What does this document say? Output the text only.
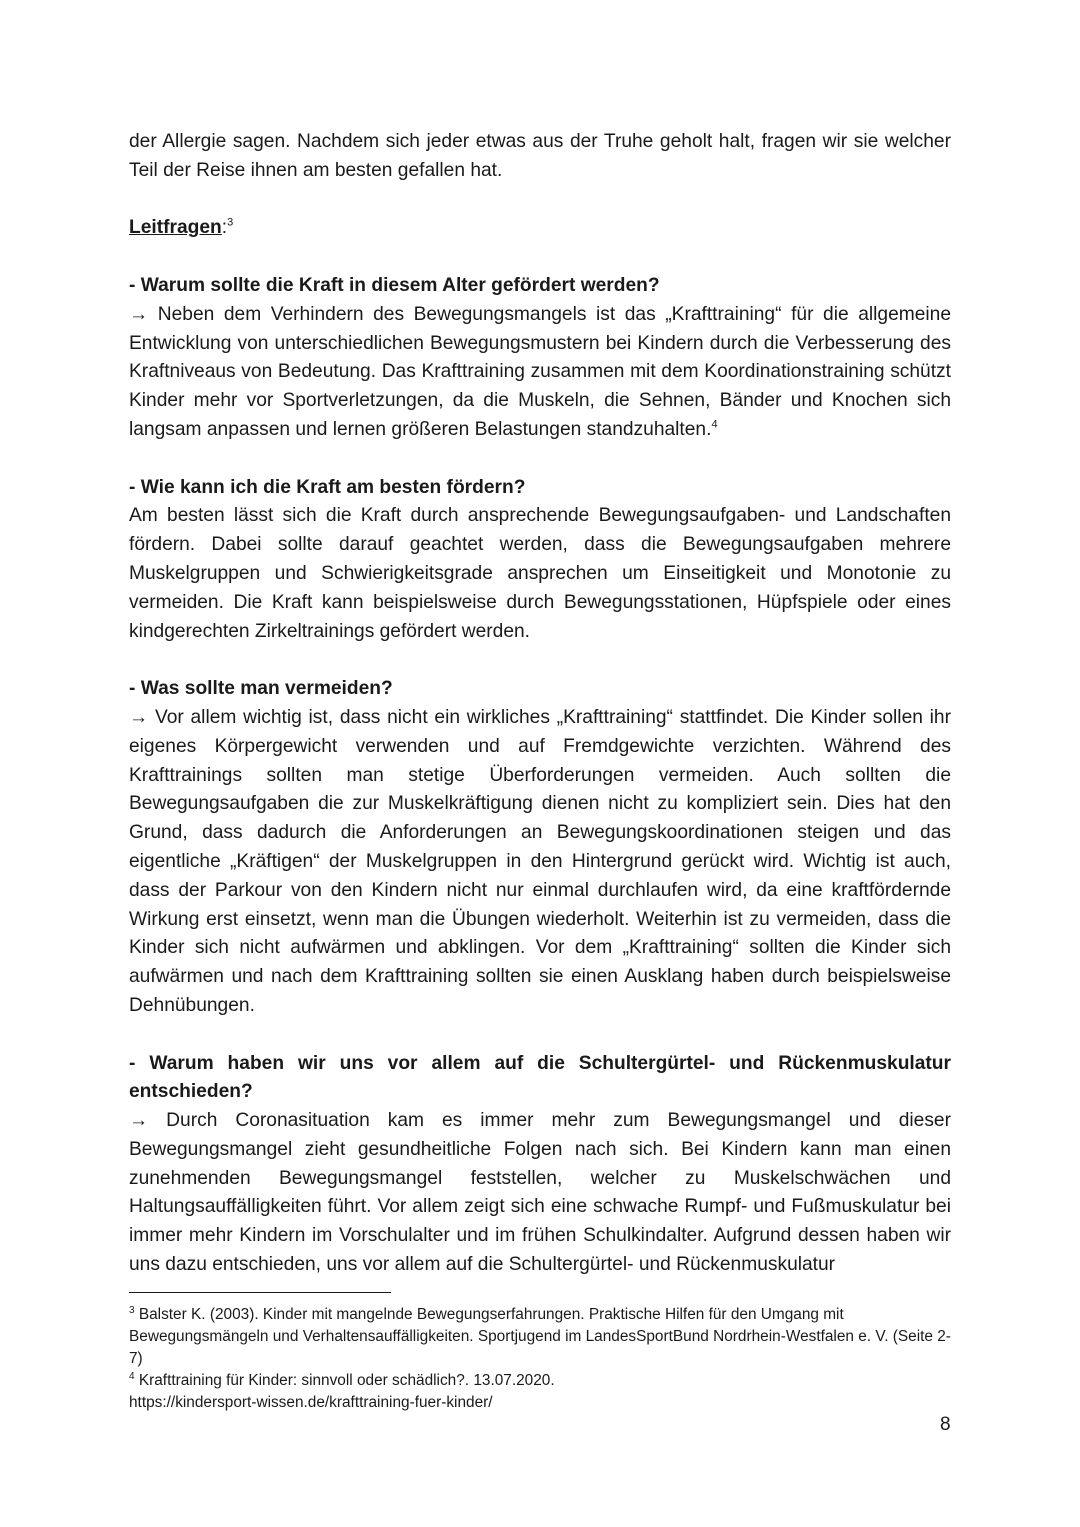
der Allergie sagen. Nachdem sich jeder etwas aus der Truhe geholt halt, fragen wir sie welcher Teil der Reise ihnen am besten gefallen hat.

Leitfragen:$^3$

- Warum sollte die Kraft in diesem Alter gefördert werden?

→ Neben dem Verhindern des Bewegungsmangels ist das „Krafttraining“ für die allgemeine Entwicklung von unterschiedlichen Bewegungsmustern bei Kindern durch die Verbesserung des Kraftniveaus von Bedeutung. Das Krafttraining zusammen mit dem Koordinationstraining schützt Kinder mehr vor Sportverletzungen, da die Muskeln, die Sehnen, Bänder und Knochen sich langsam anpassen und lernen größeren Belastungen standzuhalten.$^4$

- Wie kann ich die Kraft am besten fördern?

Am besten lässt sich die Kraft durch ansprechende Bewegungsaufgaben- und Landschaften fördern. Dabei sollte darauf geachtet werden, dass die Bewegungsaufgaben mehrere Muskelgruppen und Schwierigkeitsgrade ansprechen um Einseitigkeit und Monotonie zu vermeiden. Die Kraft kann beispielsweise durch Bewegungsstationen, Hüpfspiele oder eines kindgerechten Zirkeltrainings gefördert werden.

- Was sollte man vermeiden?

→ Vor allem wichtig ist, dass nicht ein wirkliches „Krafttraining“ stattfindet. Die Kinder sollen ihr eigenes Körpergewicht verwenden und auf Fremdgewichte verzichten. Während des Krafttrainings sollten man stetige Überforderungen vermeiden. Auch sollten die Bewegungsaufgaben die zur Muskelkräftigung dienen nicht zu kompliziert sein. Dies hat den Grund, dass dadurch die Anforderungen an Bewegungskoordinationen steigen und das eigentliche „Kräftigen“ der Muskelgruppen in den Hintergrund gerückt wird. Wichtig ist auch, dass der Parkour von den Kindern nicht nur einmal durchlaufen wird, da eine kraftfördernde Wirkung erst einsetzt, wenn man die Übungen wiederholt. Weiterhin ist zu vermeiden, dass die Kinder sich nicht aufwärmen und abklingen. Vor dem „Krafttraining“ sollten die Kinder sich aufwärmen und nach dem Krafttraining sollten sie einen Ausklang haben durch beispielsweise Dehnübungen.

- Warum haben wir uns vor allem auf die Schultergürtel- und Rückenmuskulatur entschieden?

→ Durch Coronasituation kam es immer mehr zum Bewegungsmangel und dieser Bewegungsmangel zieht gesundheitliche Folgen nach sich. Bei Kindern kann man einen zunehmenden Bewegungsmangel feststellen, welcher zu Muskelschwächen und Haltungsauffälligkeiten führt. Vor allem zeigt sich eine schwache Rumpf- und Fußmuskulatur bei immer mehr Kindern im Vorschulalter und im frühen Schulkindalter. Aufgrund dessen haben wir uns dazu entschieden, uns vor allem auf die Schultergürtel- und Rückenmuskulatur

$^3$ Balster K. (2003). Kinder mit mangelnde Bewegungserfahrungen. Praktische Hilfen für den Umgang mit Bewegungsmängeln und Verhaltensauffälligkeiten. Sportjugend im LandesSportBund Nordrhein-Westfalen e. V. (Seite 2-7)

$^4$ Krafttraining für Kinder: sinnvoll oder schädlich?. 13.07.2020.

https://kindersport-wissen.de/krafttraining-fuer-kinder/

8
